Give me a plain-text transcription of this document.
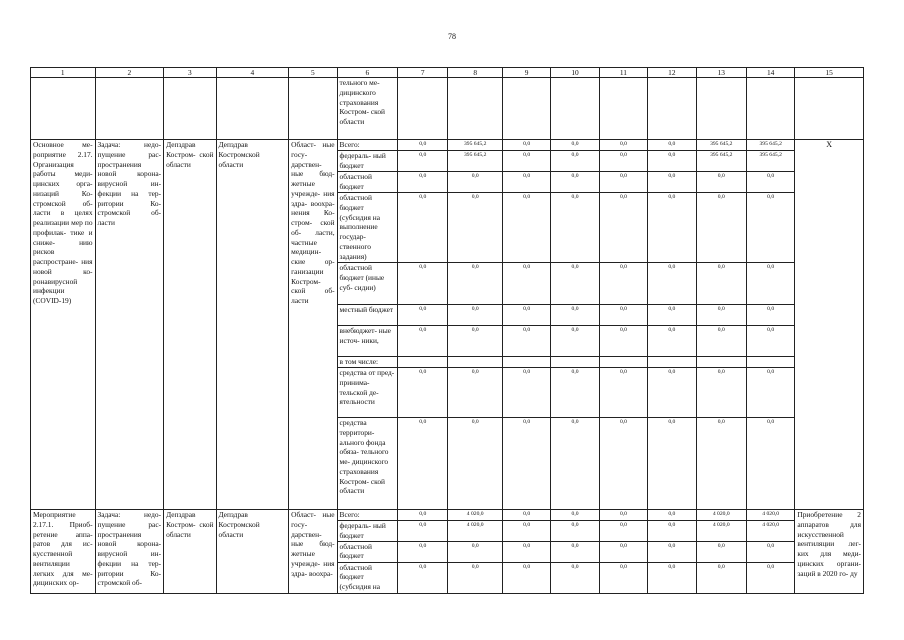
78
1	2	3	4	5	6	7	8	9	10	11	12	13	14	15
					тельного ме- дицинского страхования Костром- ской области									
Основное ме- роприятие 2.17. Организация работы меди- цинских орга- низаций Ко- стромской об- ласти в целях реализации мер по профилак- тике и сниже- нию рисков распростране- ния новой ко- ронавирусной инфекции (COVID-19)	Задача: недо- пущение рас- пространения новой корона- вирусной ин- фекции на тер- ритории Ко- стромской об- ласти	Депздрав Костром- ской области	Депздрав Костромской области	Област- ные госу- дарствен- ные бюд- жетные учрежде- ния здра- воохра- нения Ко- стром- ской об- ласти, частные медицин- ские ор- ганизации Костром- ской об- ласти	Всего:	0,0	395 645,2	0,0	0,0	0,0	0,0	395 645,2	395 645,2	X
					федераль- ный бюджет	0,0	395 645,2	0,0	0,0	0,0	0,0	395 645,2	395 645,2	
					областной бюджет	0,0	0,0	0,0	0,0	0,0	0,0	0,0	0,0	
					областной бюджет (субсидия на выполнение государ- ственного задания)	0,0	0,0	0,0	0,0	0,0	0,0	0,0	0,0	
					областной бюджет (иные суб- сидии)	0,0	0,0	0,0	0,0	0,0	0,0	0,0	0,0	
					местный бюджет	0,0	0,0	0,0	0,0	0,0	0,0	0,0	0,0	
					внебюджет- ные источ- ники,	0,0	0,0	0,0	0,0	0,0	0,0	0,0	0,0	
					в том числе:									
					средства от пред- принима- тельской де- ятельности	0,0	0,0	0,0	0,0	0,0	0,0	0,0	0,0	
					средства территори- ального фонда обяза- тельного ме- дицинского страхования Костром- ской области	0,0	0,0	0,0	0,0	0,0	0,0	0,0	0,0	
Мероприятие 2.17.1. Приоб- ретение аппа- ратов для ис- кусственной вентиляции легких для ме- дицинских ор-	Задача: недо- пущение рас- пространения новой корона- вирусной ин- фекции на тер- ритории Ко- стромской об-	Депздрав Костром- ской области	Депздрав Костромской области	Област- ные госу- дарствен- ные бюд- жетные учрежде- ния здра- воохра-	Всего:	0,0	4 020,0	0,0	0,0	0,0	0,0	4 020,0	4 020,0	Приобретение 2 аппаратов для искусственной вентиляции лег- ких для меди- цинских органи- заций в 2020 го- ду
					федераль- ный бюджет	0,0	4 020,0	0,0	0,0	0,0	0,0	4 020,0	4 020,0	
					областной бюджет	0,0	0,0	0,0	0,0	0,0	0,0	0,0	0,0	
					областной бюджет (субсидия на	0,0	0,0	0,0	0,0	0,0	0,0	0,0	0,0	
